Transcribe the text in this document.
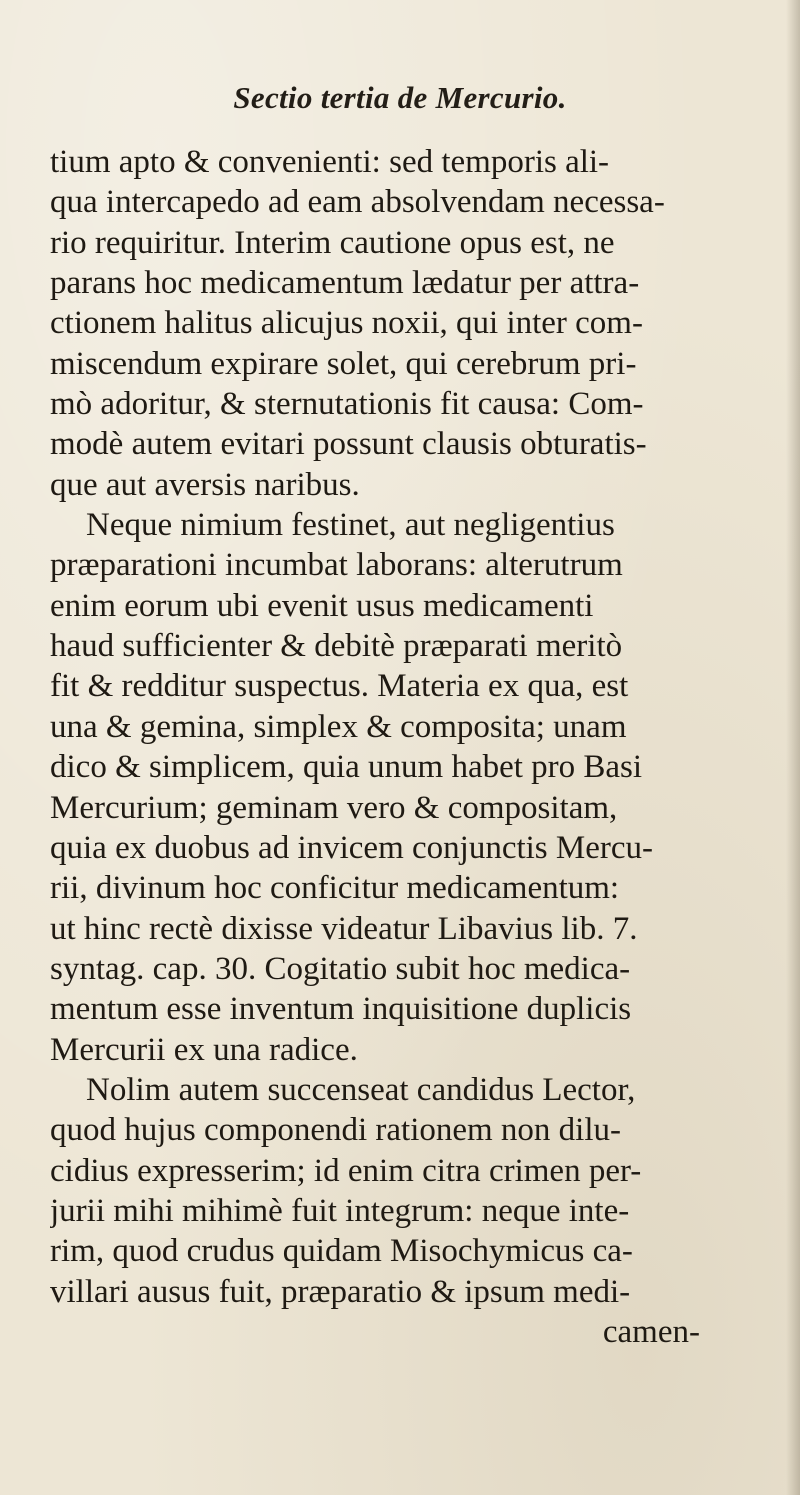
Sectio tertia de Mercurio.
tium apto & convenienti: sed temporis ali-
qua intercapedo ad eam absolvendam necessa-
rio requiritur. Interim cautione opus est, ne
parans hoc medicamentum lædatur per attra-
ctionem halitus alicujus noxii, qui inter com-
miscendum expirare solet, qui cerebrum pri-
mò adoritur, & sternutationis fit causa: Com-
modè autem evitari possunt clausis obturatis-
que aut aversis naribus.
Neque nimium festinet, aut negligentius
præparationi incumbat laborans: alterutrum
enim eorum ubi evenit usus medicamenti
haud sufficienter & debitè præparati meritò
fit & redditur suspectus. Materia ex qua, est
una & gemina, simplex & composita; unam
dico & simplicem, quia unum habet pro Basi
Mercurium; geminam vero & compositam,
quia ex duobus ad invicem conjunctis Mercu-
rii, divinum hoc conficitur medicamentum:
ut hinc rectè dixisse videatur Libavius lib. 7.
syntag. cap. 30. Cogitatio subit hoc medica-
mentum esse inventum inquisitione duplicis
Mercurii ex una radice.
Nolim autem succenseat candidus Lector,
quod hujus componendi rationem non dilu-
cidius expresserim; id enim citra crimen per-
jurii mihi mihimè fuit integrum: neque inte-
rim, quod crudus quidam Misochymicus ca-
villari ausus fuit, præparatio & ipsum medi-
camen-
